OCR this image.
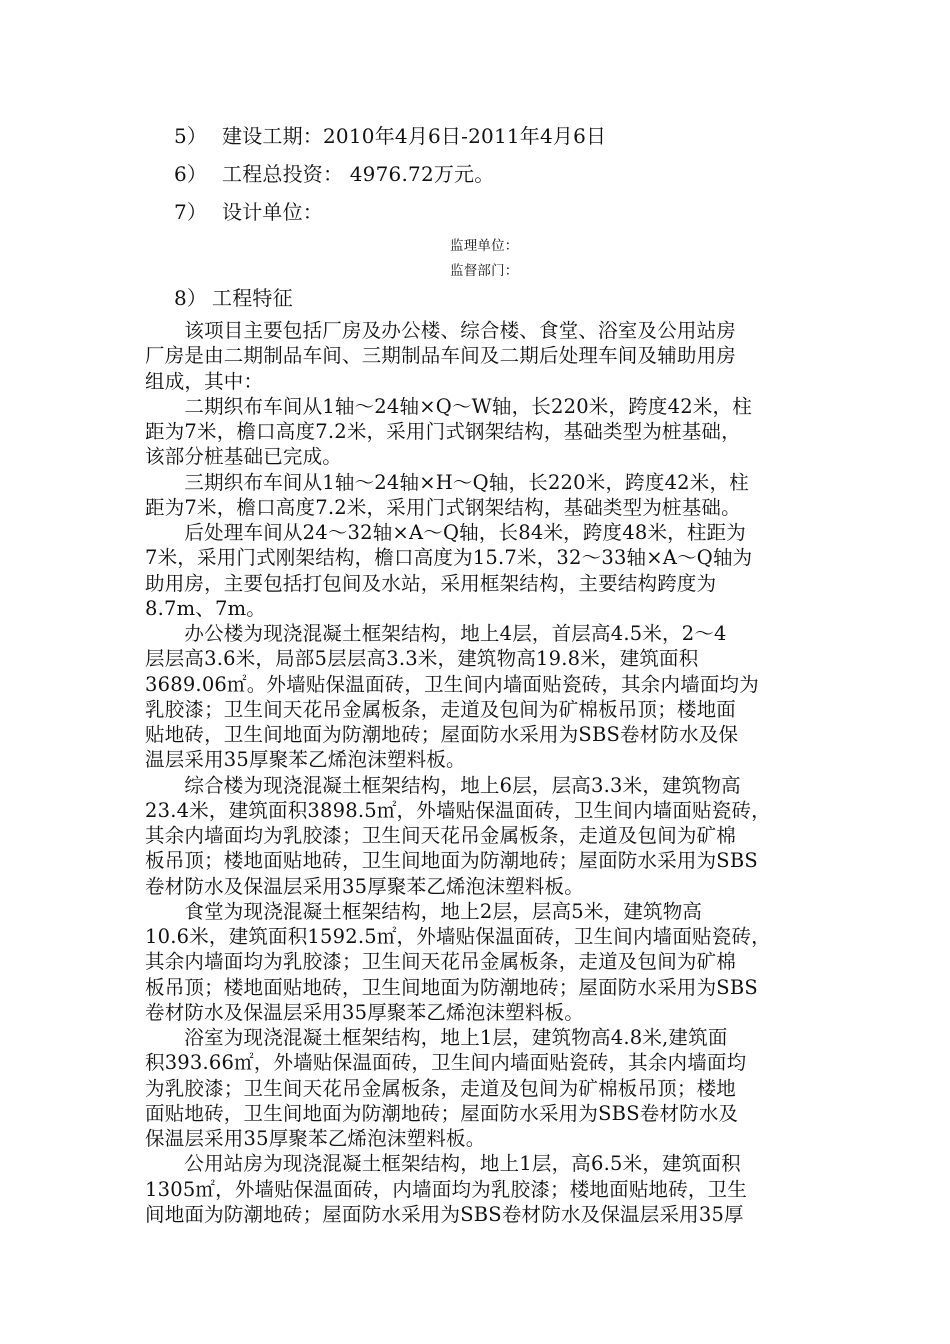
5） 建设工期：2010年4月6日-2011年4月6日
6） 工程总投资： 4976.72万元。
7） 设计单位：
监理单位：
监督部门：
8） 工程特征
　　该项目主要包括厂房及办公楼、综合楼、食堂、浴室及公用站房
厂房是由二期制品车间、三期制品车间及二期后处理车间及辅助用房
组成，其中：
　　二期织布车间从1轴～24轴×Q～W轴，长220米，跨度42米，柱
距为7米，檐口高度7.2米，采用门式钢架结构，基础类型为桩基础，
该部分桩基础已完成。
　　三期织布车间从1轴～24轴×H～Q轴，长220米，跨度42米，柱
距为7米，檐口高度7.2米，采用门式钢架结构，基础类型为桩基础。
　　后处理车间从24～32轴×A～Q轴，长84米，跨度48米，柱距为
7米，采用门式刚架结构，檐口高度为15.7米，32～33轴×A～Q轴为
助用房，主要包括打包间及水站，采用框架结构，主要结构跨度为
8.7m、7m。
　　办公楼为现浇混凝土框架结构，地上4层，首层高4.5米，2～4
层层高3.6米，局部5层层高3.3米，建筑物高19.8米，建筑面积
3689.06㎡。外墙贴保温面砖，卫生间内墙面贴瓷砖，其余内墙面均为
乳胶漆；卫生间天花吊金属板条，走道及包间为矿棉板吊顶；楼地面
贴地砖，卫生间地面为防潮地砖；屋面防水采用为SBS卷材防水及保
温层采用35厚聚苯乙烯泡沫塑料板。
　　综合楼为现浇混凝土框架结构，地上6层，层高3.3米，建筑物高
23.4米，建筑面积3898.5㎡，外墙贴保温面砖，卫生间内墙面贴瓷砖，
其余内墙面均为乳胶漆；卫生间天花吊金属板条，走道及包间为矿棉
板吊顶；楼地面贴地砖，卫生间地面为防潮地砖；屋面防水采用为SBS
卷材防水及保温层采用35厚聚苯乙烯泡沫塑料板。
　　食堂为现浇混凝土框架结构，地上2层，层高5米，建筑物高
10.6米，建筑面积1592.5㎡，外墙贴保温面砖，卫生间内墙面贴瓷砖，
其余内墙面均为乳胶漆；卫生间天花吊金属板条，走道及包间为矿棉
板吊顶；楼地面贴地砖，卫生间地面为防潮地砖；屋面防水采用为SBS
卷材防水及保温层采用35厚聚苯乙烯泡沫塑料板。
　　浴室为现浇混凝土框架结构，地上1层，建筑物高4.8米,建筑面
积393.66㎡，外墙贴保温面砖，卫生间内墙面贴瓷砖，其余内墙面均
为乳胶漆；卫生间天花吊金属板条，走道及包间为矿棉板吊顶；楼地
面贴地砖，卫生间地面为防潮地砖；屋面防水采用为SBS卷材防水及
保温层采用35厚聚苯乙烯泡沫塑料板。
　　公用站房为现浇混凝土框架结构，地上1层，高6.5米，建筑面积
1305㎡，外墙贴保温面砖，内墙面均为乳胶漆；楼地面贴地砖，卫生
间地面为防潮地砖；屋面防水采用为SBS卷材防水及保温层采用35厚
